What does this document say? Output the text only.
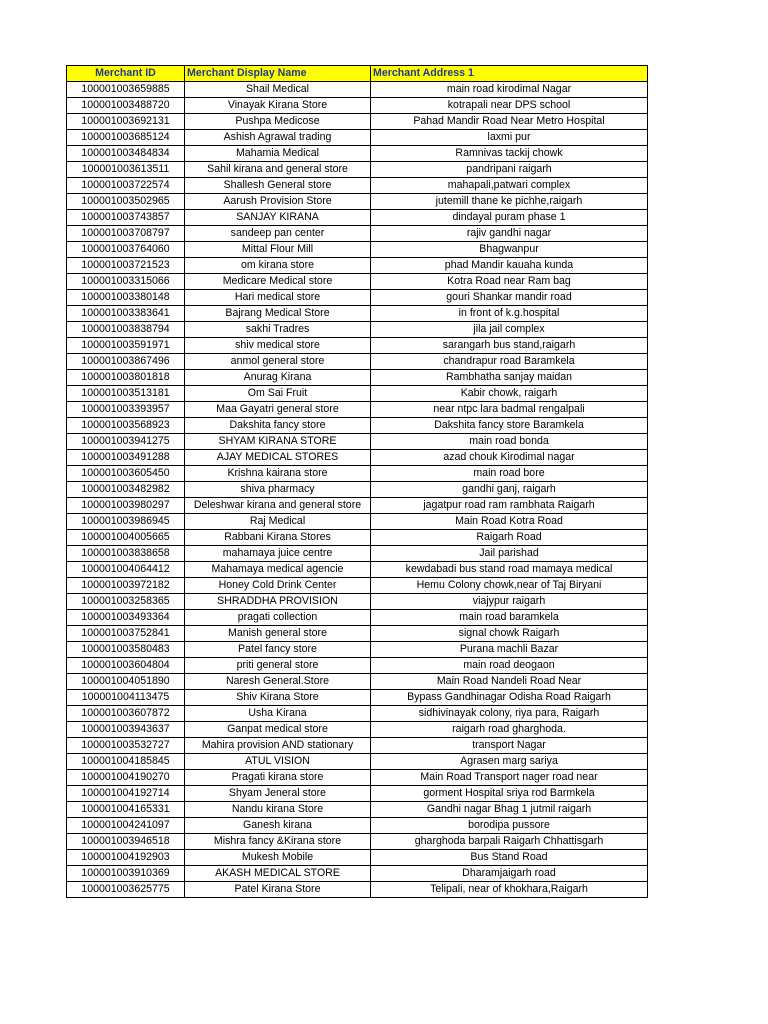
Merchant ID	Merchant Display Name	Merchant Address 1
100001003659885	Shail Medical	main road kirodimal Nagar
100001003488720	Vinayak Kirana Store	kotrapali near DPS school
100001003692131	Pushpa Medicose	Pahad Mandir Road Near Metro Hospital
100001003685124	Ashish Agrawal trading	laxmi pur
100001003484834	Mahamia Medical	Ramnivas tackij chowk
100001003613511	Sahil kirana and general store	pandripani raigarh
100001003722574	Shallesh General store	mahapali,patwari complex
100001003502965	Aarush Provision Store	jutemill thane ke pichhe,raigarh
100001003743857	SANJAY KIRANA	dindayal puram phase 1
100001003708797	sandeep pan center	rajiv gandhi nagar
100001003764060	Mittal Flour Mill	Bhagwanpur
100001003721523	om kirana store	phad Mandir kauaha kunda
100001003315066	Medicare Medical store	Kotra Road near Ram bag
100001003380148	Hari medical store	gouri Shankar mandir road
100001003383641	Bajrang Medical Store	in front of k.g.hospital
100001003838794	sakhi Tradres	jila jail complex
100001003591971	shiv medical store	sarangarh bus stand,raigarh
100001003867496	anmol general store	chandrapur road Baramkela
100001003801818	Anurag Kirana	Rambhatha sanjay maidan
100001003513181	Om Sai Fruit	Kabir chowk, raigarh
100001003393957	Maa Gayatri general store	near ntpc lara badmal rengalpali
100001003568923	Dakshita fancy store	Dakshita fancy store Baramkela
100001003941275	SHYAM KIRANA STORE	main road bonda
100001003491288	AJAY MEDICAL STORES	azad chouk Kirodimal nagar
100001003605450	Krishna kairana store	main road bore
100001003482982	shiva pharmacy	gandhi ganj, raigarh
100001003980297	Deleshwar kirana and general store	jagatpur road ram rambhata Raigarh
100001003986945	Raj Medical	Main Road Kotra Road
100001004005665	Rabbani Kirana Stores	Raigarh Road
100001003838658	mahamaya juice centre	Jail parishad
100001004064412	Mahamaya medical agencie	kewdabadi bus stand road mamaya medical
100001003972182	Honey Cold Drink Center	Hemu Colony chowk,near of Taj Biryani
100001003258365	SHRADDHA PROVISION	viajypur raigarh
100001003493364	pragati collection	main road baramkela
100001003752841	Manish general store	signal chowk Raigarh
100001003580483	Patel fancy store	Purana machli Bazar
100001003604804	priti general store	main road deogaon
100001004051890	Naresh General.Store	Main Road Nandeli Road Near
100001004113475	Shiv Kirana Store	Bypass Gandhinagar Odisha Road Raigarh
100001003607872	Usha Kirana	sidhivinayak colony, riya para, Raigarh
100001003943637	Ganpat medical store	raigarh road gharghoda.
100001003532727	Mahira provision AND stationary	transport Nagar
100001004185845	ATUL VISION	Agrasen marg sariya
100001004190270	Pragati kirana store	Main Road Transport nager road near
100001004192714	Shyam Jeneral store	gorment Hospital sriya rod Barmkela
100001004165331	Nandu kirana Store	Gandhi nagar Bhag 1 jutmil raigarh
100001004241097	Ganesh kirana	borodipa pussore
100001003946518	Mishra fancy &Kirana store	gharghoda barpali Raigarh Chhattisgarh
100001004192903	Mukesh Mobile	Bus Stand Road
100001003910369	AKASH MEDICAL STORE	Dharamjaigarh road
100001003625775	Patel Kirana Store	Telipali, near of khokhara,Raigarh
